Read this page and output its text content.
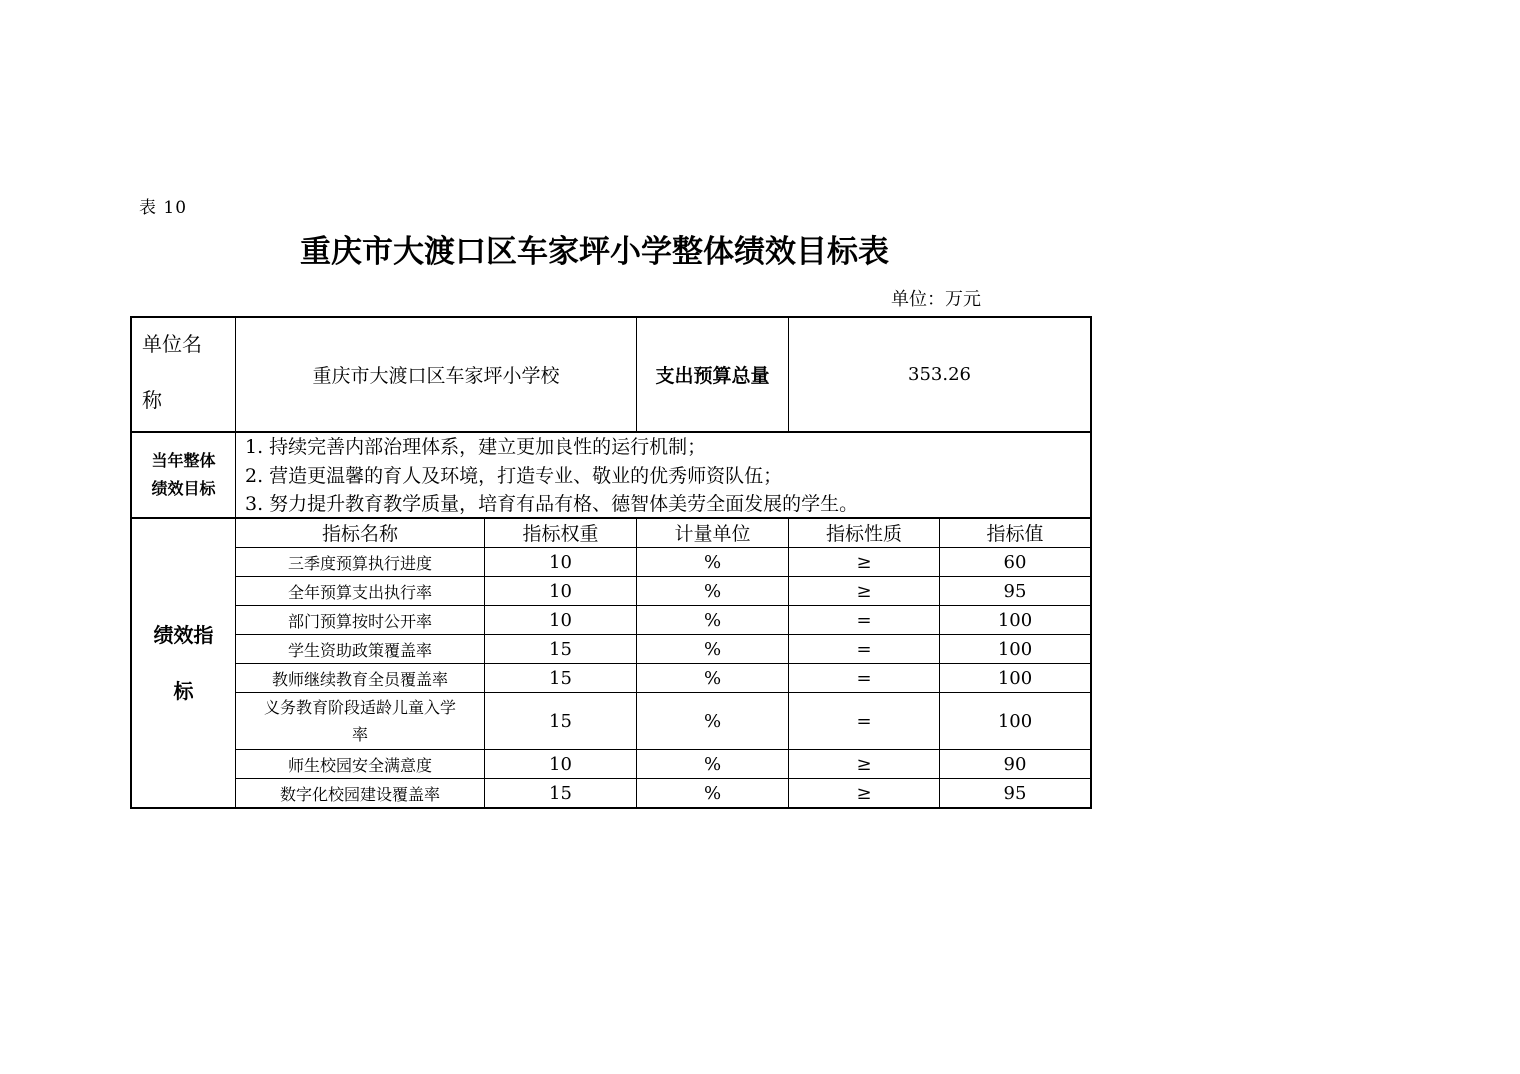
表 10
重庆市大渡口区车家坪小学整体绩效目标表
单位：万元
单位名
称
重庆市大渡口区车家坪小学校	支出预算总量	353.26
当年整体
绩效目标
1. 持续完善内部治理体系，建立更加良性的运行机制；
2. 营造更温馨的育人及环境，打造专业、敬业的优秀师资队伍；
3. 努力提升教育教学质量，培育有品有格、德智体美劳全面发展的学生。
绩效指
标
指标名称	指标权重	计量单位	指标性质	指标值
三季度预算执行进度	10	%	≥	60
全年预算支出执行率	10	%	≥	95
部门预算按时公开率	10	%	=	100
学生资助政策覆盖率	15	%	=	100
教师继续教育全员覆盖率	15	%	=	100
义务教育阶段适龄儿童入学
率
15	%	=	100
师生校园安全满意度	10	%	≥	90
数字化校园建设覆盖率	15	%	≥	95
